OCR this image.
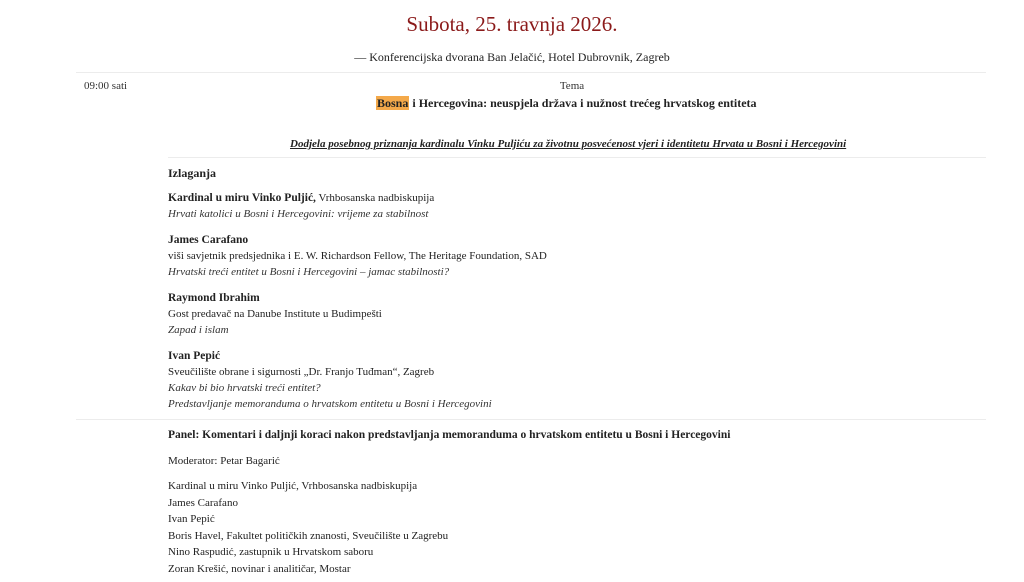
Subota, 25. travnja 2026.
— Konferencijska dvorana Ban Jelačić, Hotel Dubrovnik, Zagreb
09:00 sati	Tema
Bosna i Hercegovina: neuspjela država i nužnost trećeg hrvatskog entiteta
Dodjela posebnog priznanja kardinalu Vinku Puljiću za životnu posvećenost vjeri i identitetu Hrvata u Bosni i Hercegovini
Izlaganja
Kardinal u miru Vinko Puljić, Vrhbosanska nadbiskupija
Hrvati katolici u Bosni i Hercegovini: vrijeme za stabilnost
James Carafano
viši savjetnik predsjednika i E. W. Richardson Fellow, The Heritage Foundation, SAD
Hrvatski treći entitet u Bosni i Hercegovini – jamac stabilnosti?
Raymond Ibrahim
Gost predavač na Danube Institute u Budimpešti
Zapad i islam
Ivan Pepić
Sveučilište obrane i sigurnosti „Dr. Franjo Tuđman“, Zagreb
Kakav bi bio hrvatski treći entitet?
Predstavljanje memoranduma o hrvatskom entitetu u Bosni i Hercegovini
Panel: Komentari i daljnji koraci nakon predstavljanja memoranduma o hrvatskom entitetu u Bosni i Hercegovini
Moderator: Petar Bagarić
Kardinal u miru Vinko Puljić, Vrhbosanska nadbiskupija
James Carafano
Ivan Pepić
Boris Havel, Fakultet političkih znanosti, Sveučilište u Zagrebu
Nino Raspudić, zastupnik u Hrvatskom saboru
Zoran Krešić, novinar i analitičar, Mostar
